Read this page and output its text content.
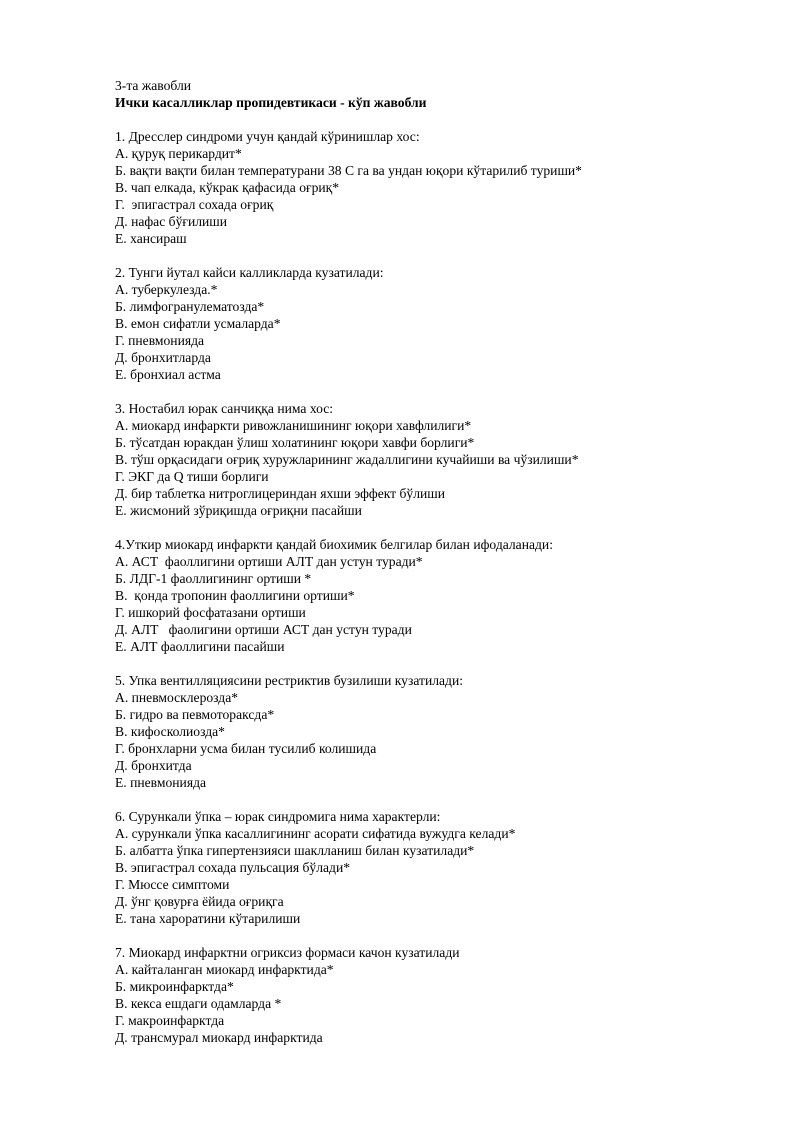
3-та жавобли
Ички касалликлар пропидевтикаси - кўп жавобли
1. Дресслер синдроми учун қандай кўринишлар хос:
А. қуруқ перикардит*
Б. вақти вақти билан температурани 38 С га ва ундан юқори кўтарилиб туриши*
В. чап елкада, кўкрак қафасида оғриқ*
Г.  эпигастрал сохада оғриқ
Д. нафас бўғилиши
Е. хансираш
2. Тунги йутал кайси калликларда кузатилади:
А. туберкулезда.*
Б. лимфогранулематозда*
В. емон сифатли усмаларда*
Г. пневмонияда
Д. бронхитларда
Е. бронхиал астма
3. Ностабил юрак санчиққа нима хос:
А. миокард инфаркти ривожланишининг юқори хавфлилиги*
Б. тўсатдан юракдан ўлиш холатининг юқори хавфи борлиги*
В. тўш орқасидаги оғриқ хуружларининг жадаллигини кучайиши ва чўзилиши*
Г. ЭКГ да Q тиши борлиги
Д. бир таблетка нитроглицериндан яхши эффект бўлиши
Е. жисмоний зўриқишда оғриқни пасайши
4.Уткир миокард инфаркти қандай биохимик белгилар билан ифодаланади:
А. АСТ  фаоллигини ортиши АЛТ дан устун туради*
Б. ЛДГ-1 фаоллигининг ортиши *
В.  қонда тропонин фаоллигини ортиши*
Г. ишкорий фосфатазани ортиши
Д. АЛТ   фаолигини ортиши АСТ дан устун туради
Е. АЛТ фаоллигини пасайши
5. Упка вентилляциясини рестриктив бузилиши кузатилади:
А. пневмосклерозда*
Б. гидро ва певмотораксда*
В. кифосколиозда*
Г. бронхларни усма билан тусилиб колишида
Д. бронхитда
Е. пневмонияда
6. Сурункали ўпка – юрак синдромига нима характерли:
А. сурункали ўпка касаллигининг асорати сифатида вужудга келади*
Б. албатта ўпка гипертензияси шаклланиш билан кузатилади*
В. эпигастрал сохада пульсация бўлади*
Г. Мюссе симптоми
Д. ўнг қовурға ёйида оғриқга
Е. тана хароратини кўтарилиши
7. Миокард инфарктни огриксиз формаси качон кузатилади
А. кайталанган миокард инфарктида*
Б. микроинфарктда*
В. кекса ешдаги одамларда *
Г. макроинфарктда
Д. трансмурал миокард инфарктида
